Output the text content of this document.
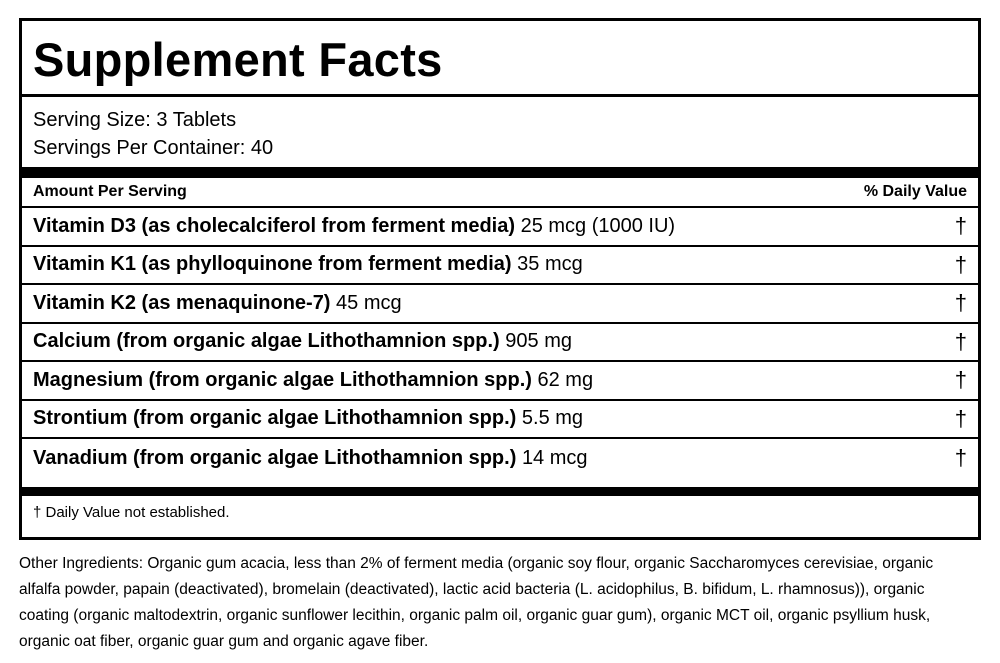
Supplement Facts
Serving Size: 3 Tablets
Servings Per Container: 40
Amount Per Serving	% Daily Value
Vitamin D3 (as cholecalciferol from ferment media) 25 mcg (1000 IU)	†
Vitamin K1 (as phylloquinone from ferment media) 35 mcg	†
Vitamin K2 (as menaquinone-7) 45 mcg	†
Calcium (from organic algae Lithothamnion spp.) 905 mg	†
Magnesium (from organic algae Lithothamnion spp.) 62 mg	†
Strontium (from organic algae Lithothamnion spp.) 5.5 mg	†
Vanadium (from organic algae Lithothamnion spp.) 14 mcg	†
† Daily Value not established.
Other Ingredients: Organic gum acacia, less than 2% of ferment media (organic soy flour, organic Saccharomyces cerevisiae, organic alfalfa powder, papain (deactivated), bromelain (deactivated), lactic acid bacteria (L. acidophilus, B. bifidum, L. rhamnosus)), organic coating (organic maltodextrin, organic sunflower lecithin, organic palm oil, organic guar gum), organic MCT oil, organic psyllium husk, organic oat fiber, organic guar gum and organic agave fiber.
